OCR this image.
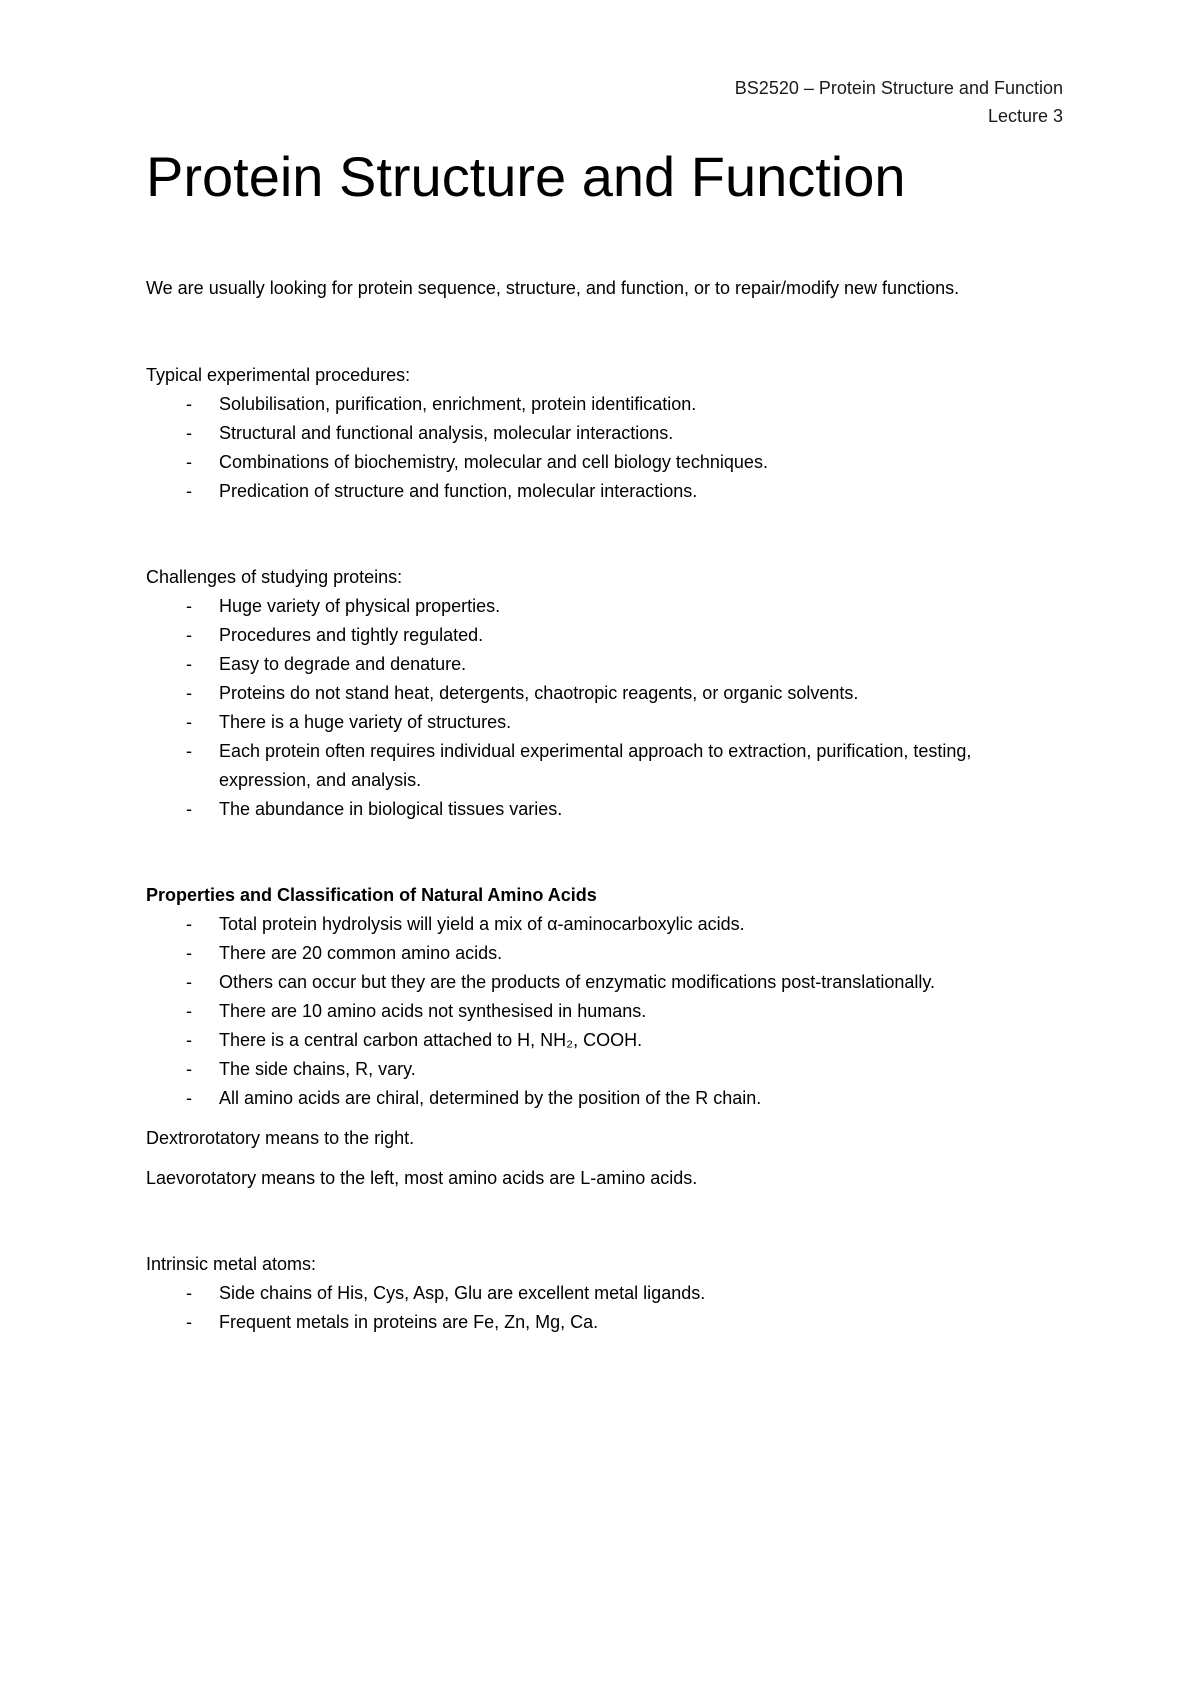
BS2520 – Protein Structure and Function
Lecture 3
Protein Structure and Function

We are usually looking for protein sequence, structure, and function, or to repair/modify new functions.

Typical experimental procedures:

- Solubilisation, purification, enrichment, protein identification.
- Structural and functional analysis, molecular interactions.
- Combinations of biochemistry, molecular and cell biology techniques.
- Predication of structure and function, molecular interactions.

Challenges of studying proteins:

- Huge variety of physical properties.
- Procedures and tightly regulated.
- Easy to degrade and denature.
- Proteins do not stand heat, detergents, chaotropic reagents, or organic solvents.
- There is a huge variety of structures.
- Each protein often requires individual experimental approach to extraction, purification, testing, expression, and analysis.
- The abundance in biological tissues varies.

Properties and Classification of Natural Amino Acids

- Total protein hydrolysis will yield a mix of α-aminocarboxylic acids.
- There are 20 common amino acids.
- Others can occur but they are the products of enzymatic modifications post-translationally.
- There are 10 amino acids not synthesised in humans.
- There is a central carbon attached to H, NH₂, COOH.
- The side chains, R, vary.
- All amino acids are chiral, determined by the position of the R chain.

Dextrorotatory means to the right.

Laevorotatory means to the left, most amino acids are L-amino acids.

Intrinsic metal atoms:

- Side chains of His, Cys, Asp, Glu are excellent metal ligands.
- Frequent metals in proteins are Fe, Zn, Mg, Ca.
